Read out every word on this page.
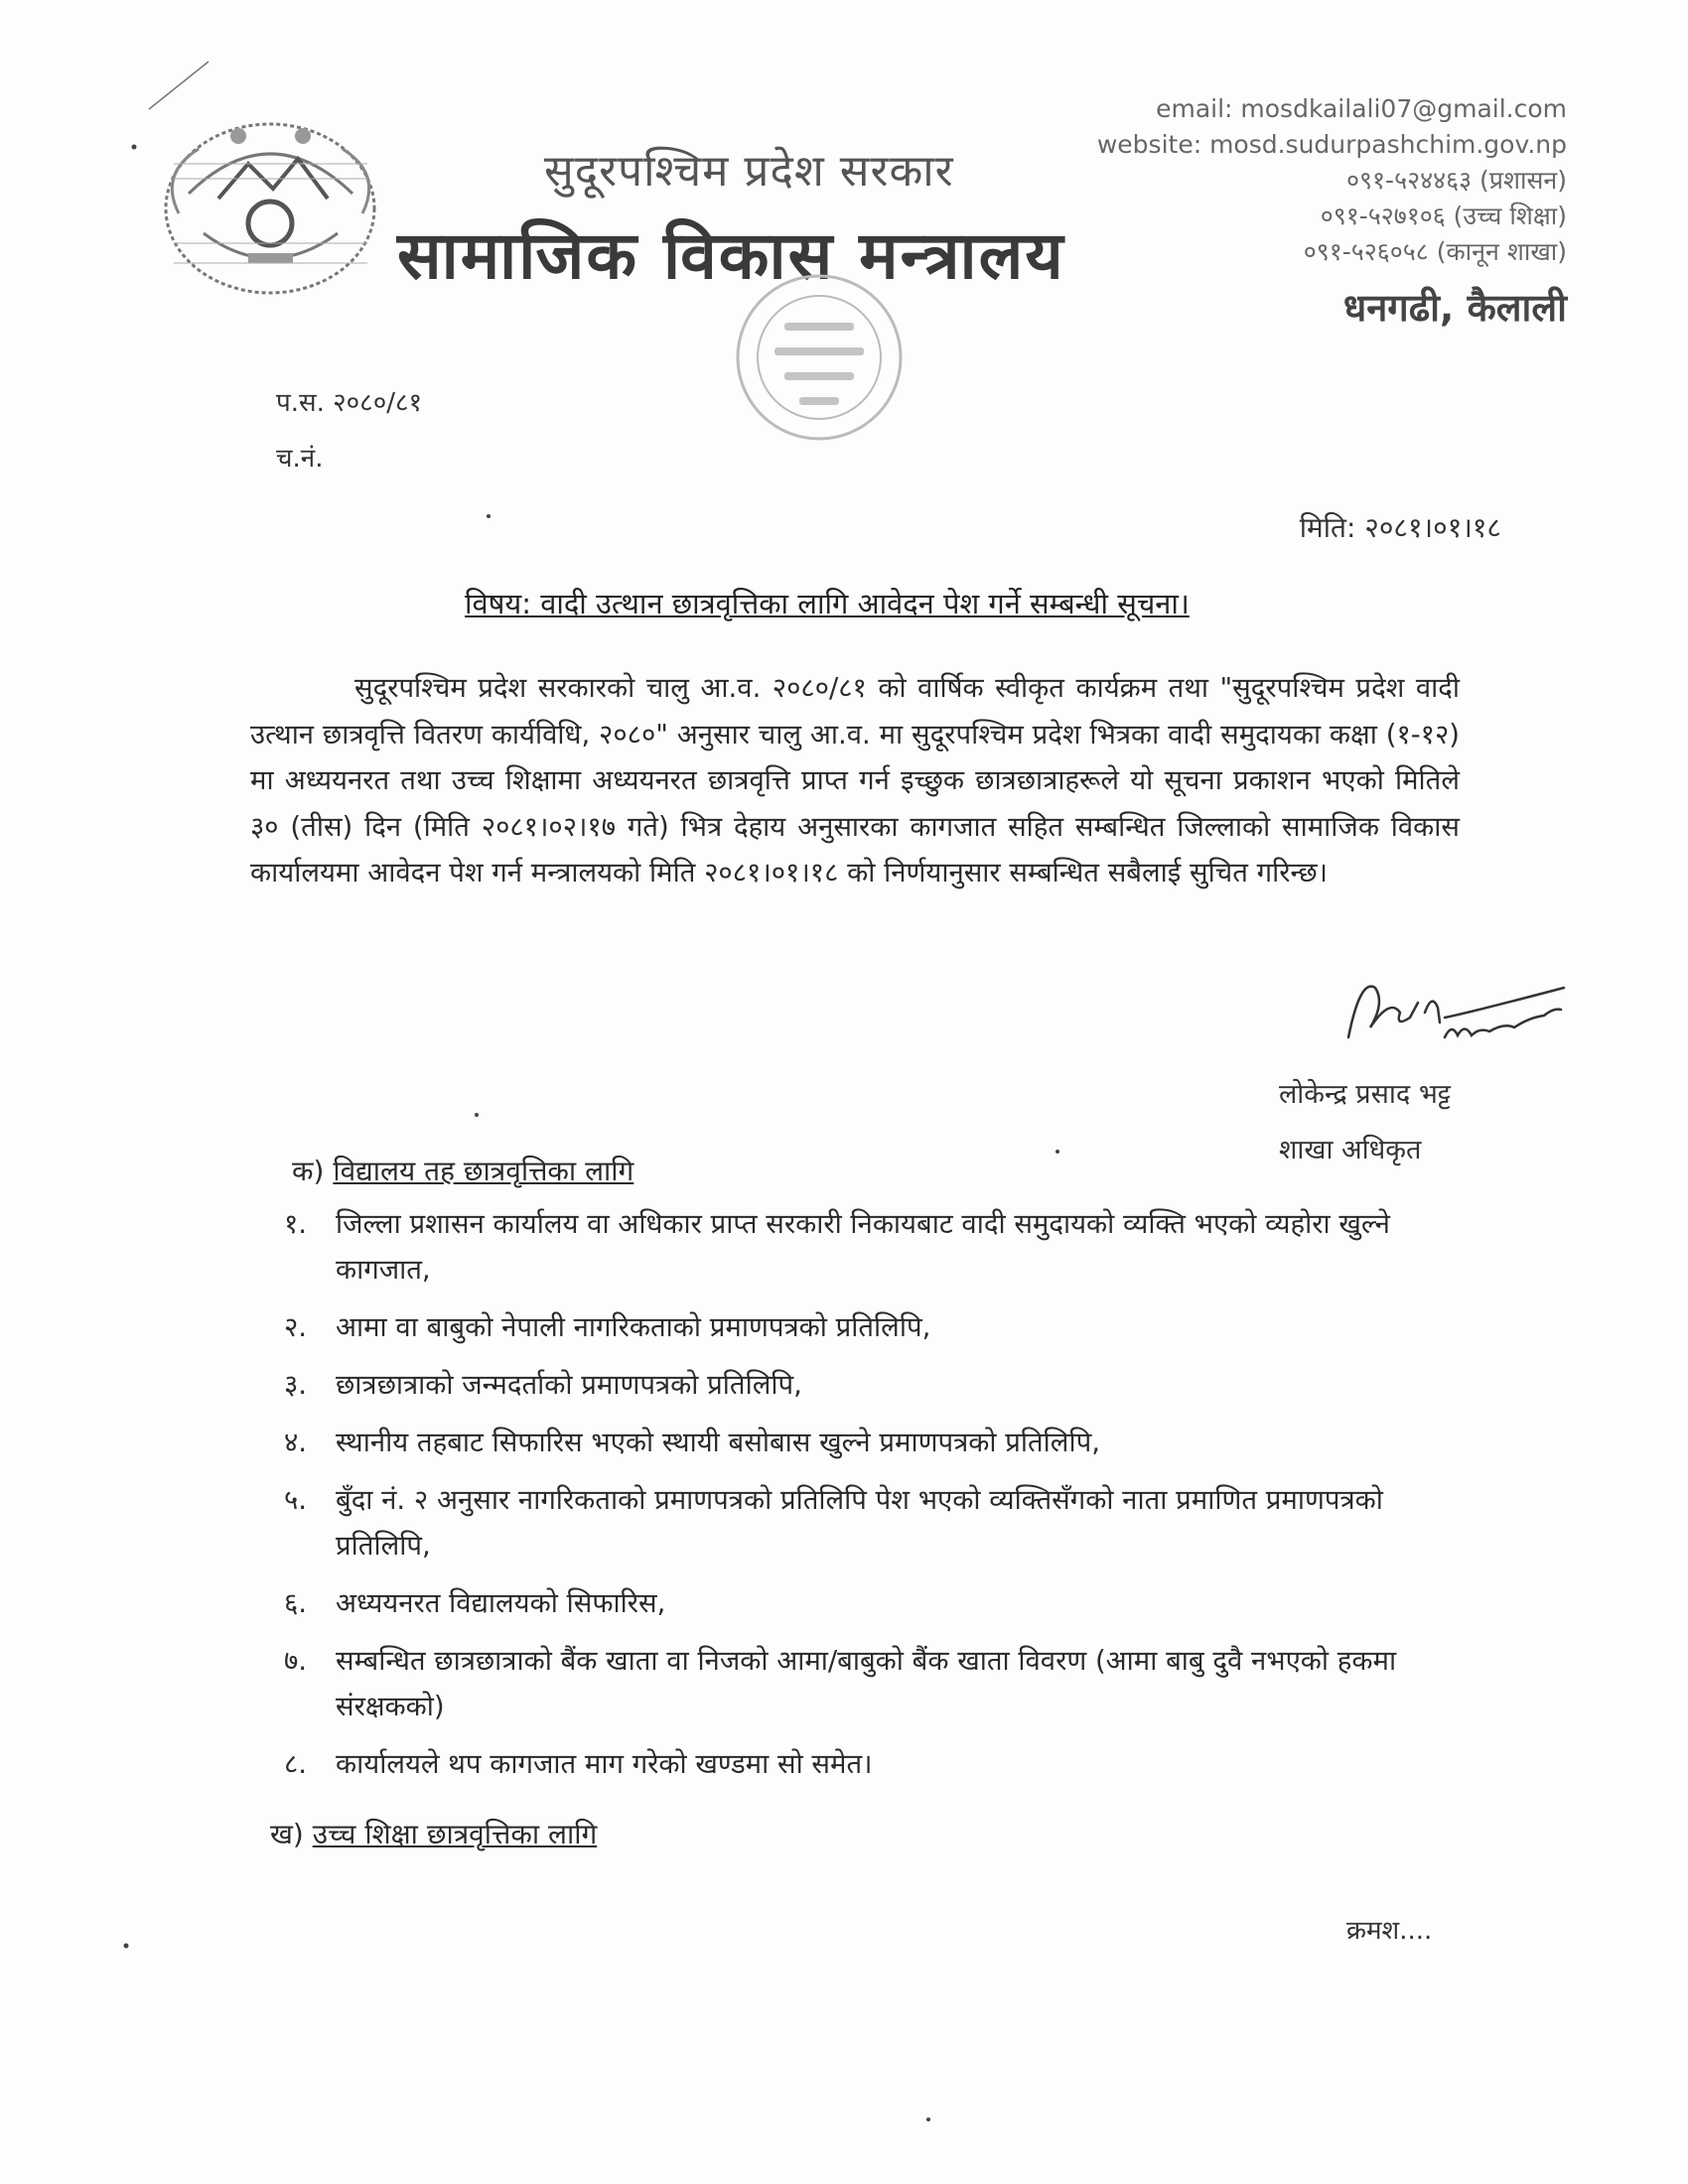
सुदूरपश्चिम प्रदेश सरकार
सामाजिक विकास मन्त्रालय
email: mosdkailali07@gmail.com
website: mosd.sudurpashchim.gov.np
०९१-५२४४६३ (प्रशासन)
०९१-५२७१०६ (उच्च शिक्षा)
०९१-५२६०५८ (कानून शाखा)
धनगढी, कैलाली
प.स. २०८०/८१
च.नं.
मिति: २०८१।०१।१८
विषय: वादी उत्थान छात्रवृत्तिका लागि आवेदन पेश गर्ने सम्बन्धी सूचना।
सुदूरपश्चिम प्रदेश सरकारको चालु आ.व. २०८०/८१ को वार्षिक स्वीकृत कार्यक्रम तथा "सुदूरपश्चिम प्रदेश वादी उत्थान छात्रवृत्ति वितरण कार्यविधि, २०८०" अनुसार चालु आ.व. मा सुदूरपश्चिम प्रदेश भित्रका वादी समुदायका कक्षा (१-१२) मा अध्ययनरत तथा उच्च शिक्षामा अध्ययनरत छात्रवृत्ति प्राप्त गर्न इच्छुक छात्रछात्राहरूले यो सूचना प्रकाशन भएको मितिले ३० (तीस) दिन (मिति २०८१।०२।१७ गते) भित्र देहाय अनुसारका कागजात सहित सम्बन्धित जिल्लाको सामाजिक विकास कार्यालयमा आवेदन पेश गर्न मन्त्रालयको मिति २०८१।०१।१८ को निर्णयानुसार सम्बन्धित सबैलाई सुचित गरिन्छ।
लोकेन्द्र प्रसाद भट्ट
शाखा अधिकृत
क) विद्यालय तह छात्रवृत्तिका लागि
१.	जिल्ला प्रशासन कार्यालय वा अधिकार प्राप्त सरकारी निकायबाट वादी समुदायको व्यक्ति भएको व्यहोरा खुल्ने कागजात,
२.	आमा वा बाबुको नेपाली नागरिकताको प्रमाणपत्रको प्रतिलिपि,
३.	छात्रछात्राको जन्मदर्ताको प्रमाणपत्रको प्रतिलिपि,
४.	स्थानीय तहबाट सिफारिस भएको स्थायी बसोबास खुल्ने प्रमाणपत्रको प्रतिलिपि,
५.	बुँदा नं. २ अनुसार नागरिकताको प्रमाणपत्रको प्रतिलिपि पेश भएको व्यक्तिसँगको नाता प्रमाणित प्रमाणपत्रको प्रतिलिपि,
६.	अध्ययनरत विद्यालयको सिफारिस,
७.	सम्बन्धित छात्रछात्राको बैंक खाता वा निजको आमा/बाबुको बैंक खाता विवरण (आमा बाबु दुवै नभएको हकमा संरक्षकको)
८.	कार्यालयले थप कागजात माग गरेको खण्डमा सो समेत।
ख) उच्च शिक्षा छात्रवृत्तिका लागि
क्रमश....
